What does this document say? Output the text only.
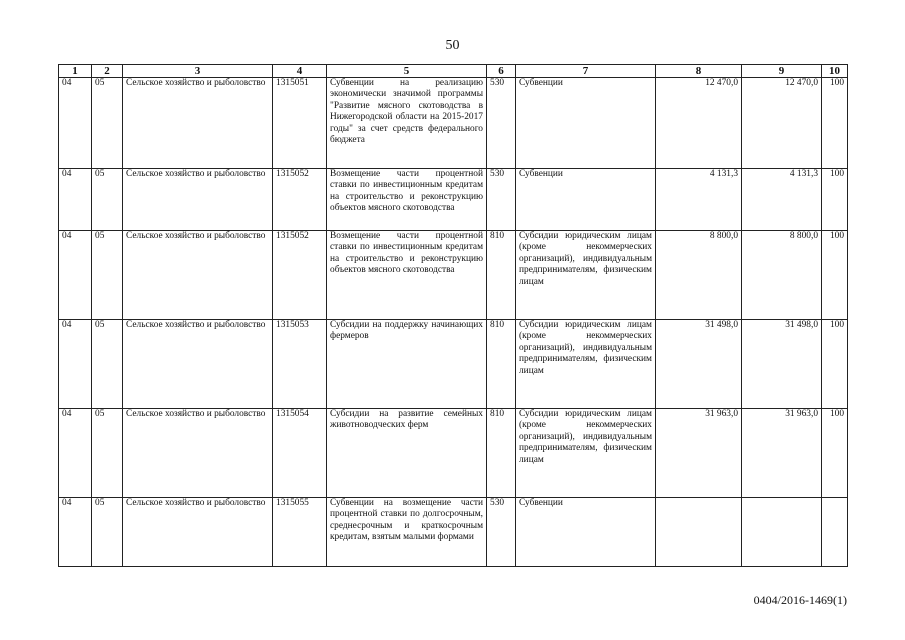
50
1	2	3	4	5	6	7	8	9	10
04	05	Сельское хозяйство и рыболовство	1315051	Субвенции на реализацию экономически значимой программы "Развитие мясного скотоводства в Нижегородской области на 2015-2017 годы" за счет средств федерального бюджета	530	Субвенции	12 470,0	12 470,0	100
04	05	Сельское хозяйство и рыболовство	1315052	Возмещение части процентной ставки по инвестиционным кредитам на строительство и реконструкцию объектов мясного скотоводства	530	Субвенции	4 131,3	4 131,3	100
04	05	Сельское хозяйство и рыболовство	1315052	Возмещение части процентной ставки по инвестиционным кредитам на строительство и реконструкцию объектов мясного скотоводства	810	Субсидии юридическим лицам (кроме некоммерческих организаций), индивидуальным предпринимателям, физическим лицам	8 800,0	8 800,0	100
04	05	Сельское хозяйство и рыболовство	1315053	Субсидии на поддержку начинающих фермеров	810	Субсидии юридическим лицам (кроме некоммерческих организаций), индивидуальным предпринимателям, физическим лицам	31 498,0	31 498,0	100
04	05	Сельское хозяйство и рыболовство	1315054	Субсидии на развитие семейных животноводческих ферм	810	Субсидии юридическим лицам (кроме некоммерческих организаций), индивидуальным предпринимателям, физическим лицам	31 963,0	31 963,0	100
04	05	Сельское хозяйство и рыболовство	1315055	Субвенции на возмещение части процентной ставки по долгосрочным, среднесрочным и краткосрочным кредитам, взятым малыми формами	530	Субвенции			
0404/2016-1469(1)
